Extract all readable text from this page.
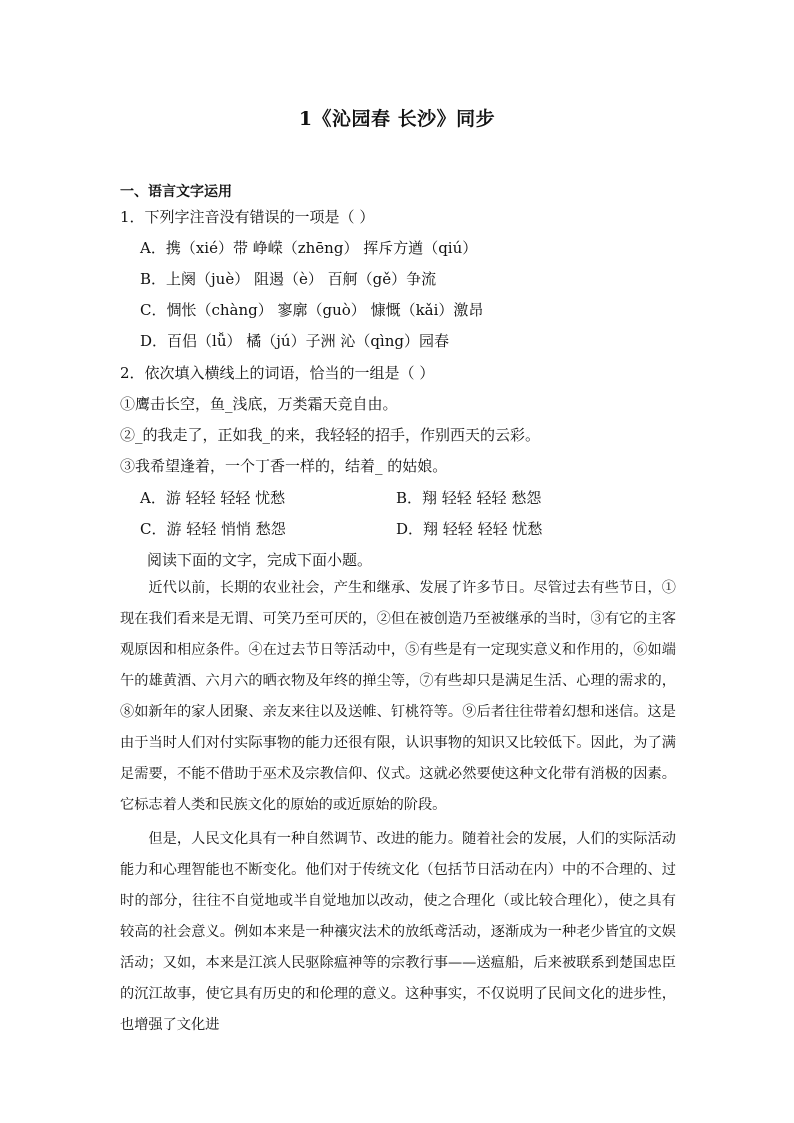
1《沁园春 长沙》同步
一、语言文字运用
1．下列字注音没有错误的一项是（ ）
A．携（xié）带 峥嵘（zhēng） 挥斥方遒（qiú）
B．上阕（juè） 阻遏（è） 百舸（gě）争流
C．惆怅（chàng） 寥廓（guò） 慷慨（kǎi）激昂
D．百侣（lǚ） 橘（jú）子洲 沁（qìng）园春
2．依次填入横线上的词语，恰当的一组是（ ）
①鹰击长空，鱼_浅底，万类霜天竞自由。
②_的我走了，正如我_的来，我轻轻的招手，作别西天的云彩。
③我希望逢着，一个丁香一样的，结着_ 的姑娘。
A．游 轻轻 轻轻 忧愁	B．翔 轻轻 轻轻 愁怨
C．游 轻轻 悄悄 愁怨	D．翔 轻轻 轻轻 忧愁
阅读下面的文字，完成下面小题。
近代以前，长期的农业社会，产生和继承、发展了许多节日。尽管过去有些节日，①现在我们看来是无谓、可笑乃至可厌的，②但在被创造乃至被继承的当时，③有它的主客观原因和相应条件。④在过去节日等活动中，⑤有些是有一定现实意义和作用的，⑥如端午的雄黄酒、六月六的晒衣物及年终的掸尘等，⑦有些却只是满足生活、心理的需求的，⑧如新年的家人团聚、亲友来往以及送帷、钉桃符等。⑨后者往往带着幻想和迷信。这是由于当时人们对付实际事物的能力还很有限，认识事物的知识又比较低下。因此，为了满足需要，不能不借助于巫术及宗教信仰、仪式。这就必然要使这种文化带有消极的因素。它标志着人类和民族文化的原始的或近原始的阶段。
但是，人民文化具有一种自然调节、改进的能力。随着社会的发展，人们的实际活动能力和心理智能也不断变化。他们对于传统文化（包括节日活动在内）中的不合理的、过时的部分，往往不自觉地或半自觉地加以改动，使之合理化（或比较合理化），使之具有较高的社会意义。例如本来是一种禳灾法术的放纸鸢活动，逐渐成为一种老少皆宜的文娱活动；又如，本来是江滨人民驱除瘟神等的宗教行事——送瘟船，后来被联系到楚国忠臣的沉江故事，使它具有历史的和伦理的意义。这种事实，不仅说明了民间文化的进步性，也增强了文化进
